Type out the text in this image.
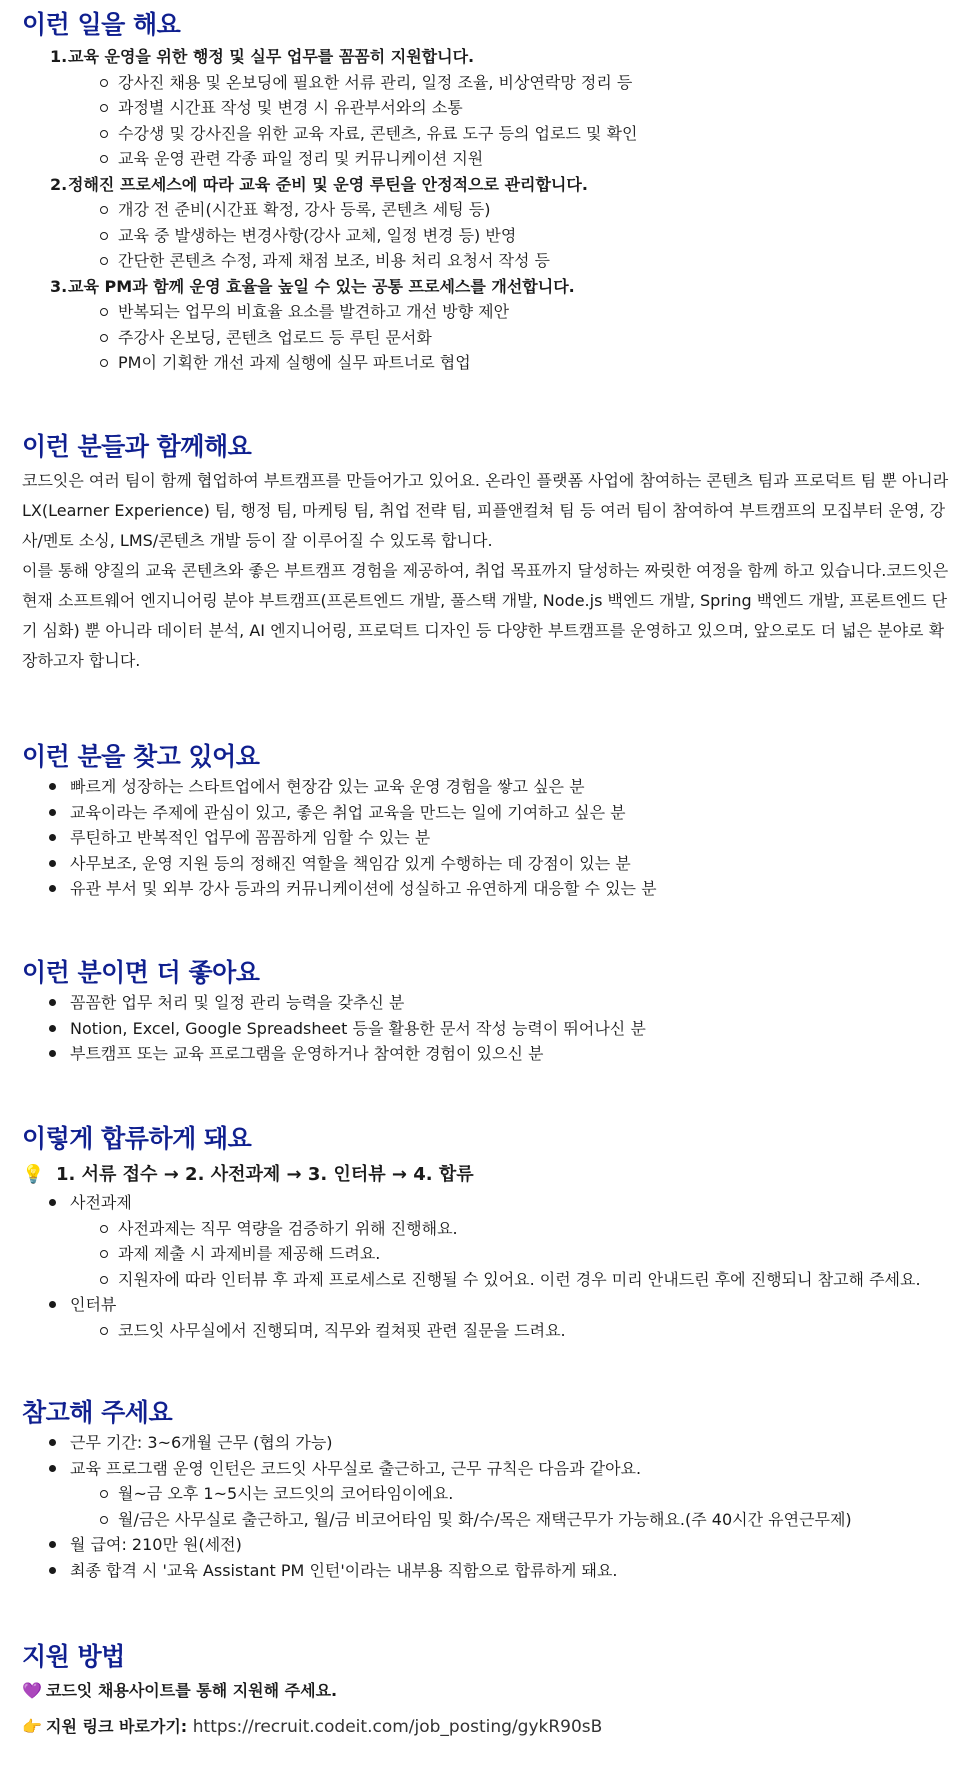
이런 일을 해요
1. 교육 운영을 위한 행정 및 실무 업무를 꼼꼼히 지원합니다.
강사진 채용 및 온보딩에 필요한 서류 관리, 일정 조율, 비상연락망 정리 등
과정별 시간표 작성 및 변경 시 유관부서와의 소통
수강생 및 강사진을 위한 교육 자료, 콘텐츠, 유료 도구 등의 업로드 및 확인
교육 운영 관련 각종 파일 정리 및 커뮤니케이션 지원
2. 정해진 프로세스에 따라 교육 준비 및 운영 루틴을 안정적으로 관리합니다.
개강 전 준비(시간표 확정, 강사 등록, 콘텐츠 세팅 등)
교육 중 발생하는 변경사항(강사 교체, 일정 변경 등) 반영
간단한 콘텐츠 수정, 과제 채점 보조, 비용 처리 요청서 작성 등
3. 교육 PM과 함께 운영 효율을 높일 수 있는 공통 프로세스를 개선합니다.
반복되는 업무의 비효율 요소를 발견하고 개선 방향 제안
주강사 온보딩, 콘텐츠 업로드 등 루틴 문서화
PM이 기획한 개선 과제 실행에 실무 파트너로 협업
이런 분들과 함께해요

코드잇은 여러 팀이 함께 협업하여 부트캠프를 만들어가고 있어요. 온라인 플랫폼 사업에 참여하는 콘텐츠 팀과 프로덕트 팀 뿐 아니라 LX(Learner Experience) 팀, 행정 팀, 마케팅 팀, 취업 전략 팀, 피플앤컬쳐 팀 등 여러 팀이 참여하여 부트캠프의 모집부터 운영, 강사/멘토 소싱, LMS/콘텐츠 개발 등이 잘 이루어질 수 있도록 합니다.

이를 통해 양질의 교육 콘텐츠와 좋은 부트캠프 경험을 제공하여, 취업 목표까지 달성하는 짜릿한 여정을 함께 하고 있습니다.코드잇은 현재 소프트웨어 엔지니어링 분야 부트캠프(프론트엔드 개발, 풀스택 개발, Node.js 백엔드 개발, Spring 백엔드 개발, 프론트엔드 단기 심화) 뿐 아니라 데이터 분석, AI 엔지니어링, 프로덕트 디자인 등 다양한 부트캠프를 운영하고 있으며, 앞으로도 더 넓은 분야로 확장하고자 합니다.

이런 분을 찾고 있어요
빠르게 성장하는 스타트업에서 현장감 있는 교육 운영 경험을 쌓고 싶은 분
교육이라는 주제에 관심이 있고, 좋은 취업 교육을 만드는 일에 기여하고 싶은 분
루틴하고 반복적인 업무에 꼼꼼하게 임할 수 있는 분
사무보조, 운영 지원 등의 정해진 역할을 책임감 있게 수행하는 데 강점이 있는 분
유관 부서 및 외부 강사 등과의 커뮤니케이션에 성실하고 유연하게 대응할 수 있는 분
이런 분이면 더 좋아요
꼼꼼한 업무 처리 및 일정 관리 능력을 갖추신 분
Notion, Excel, Google Spreadsheet 등을 활용한 문서 작성 능력이 뛰어나신 분
부트캠프 또는 교육 프로그램을 운영하거나 참여한 경험이 있으신 분
이렇게 합류하게 돼요
💡 1. 서류 접수 → 2. 사전과제 → 3. 인터뷰 → 4. 합류
사전과제
사전과제는 직무 역량을 검증하기 위해 진행해요.
과제 제출 시 과제비를 제공해 드려요.
지원자에 따라 인터뷰 후 과제 프로세스로 진행될 수 있어요. 이런 경우 미리 안내드린 후에 진행되니 참고해 주세요.
인터뷰
코드잇 사무실에서 진행되며, 직무와 컬쳐핏 관련 질문을 드려요.
참고해 주세요
근무 기간: 3~6개월 근무 (협의 가능)
교육 프로그램 운영 인턴은 코드잇 사무실로 출근하고, 근무 규칙은 다음과 같아요.
월~금 오후 1~5시는 코드잇의 코어타임이에요.
월/금은 사무실로 출근하고, 월/금 비코어타임 및 화/수/목은 재택근무가 가능해요.(주 40시간 유연근무제)
월 급여: 210만 원(세전)
최종 합격 시 '교육 Assistant PM 인턴'이라는 내부용 직함으로 합류하게 돼요.
지원 방법
💜 코드잇 채용사이트를 통해 지원해 주세요.
👉 지원 링크 바로가기: https://recruit.codeit.com/job_posting/gykR90sB
